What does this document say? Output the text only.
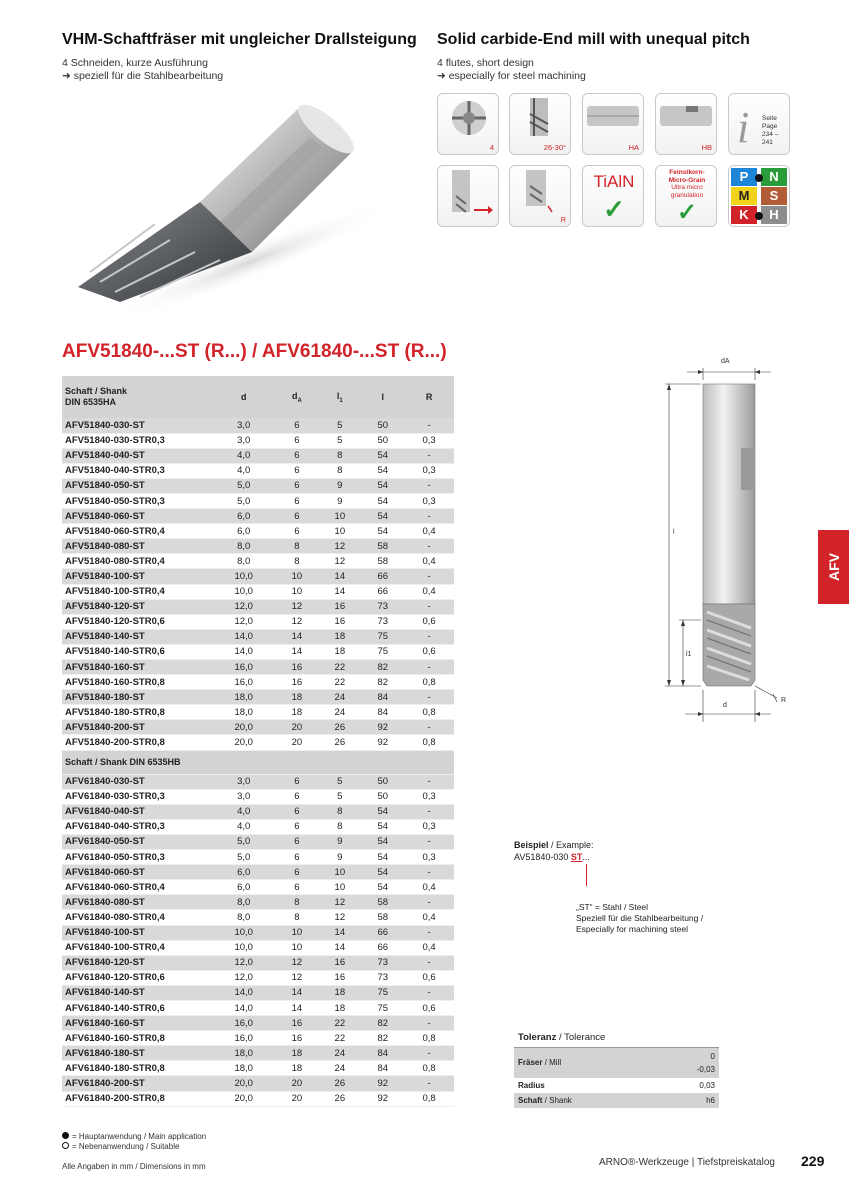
VHM-Schaftfräser mit ungleicher Drallsteigung
4 Schneiden, kurze Ausführung
➜ speziell für die Stahlbearbeitung
Solid carbide-End mill with unequal pitch
4 flutes, short design
➜ especially for steel machining
4	26-30°	HA	HB i Seite Page
234 – 241
R
TiAlN
✓
Feinstkorn-
Micro-Grain
Ultra micro
granulation
✓
P	N
M	S
K	H
AFV51840-...ST (R...) / AFV61840-...ST (R...)
Schaft / Shank
DIN 6535HA	d	$d_A$	$l_1$	l	R
AFV51840-030-ST	3,0	6	5	50	-
AFV51840-030-STR0,3	3,0	6	5	50	0,3
AFV51840-040-ST	4,0	6	8	54	-
AFV51840-040-STR0,3	4,0	6	8	54	0,3
AFV51840-050-ST	5,0	6	9	54	-
AFV51840-050-STR0,3	5,0	6	9	54	0,3
AFV51840-060-ST	6,0	6	10	54	-
AFV51840-060-STR0,4	6,0	6	10	54	0,4
AFV51840-080-ST	8,0	8	12	58	-
AFV51840-080-STR0,4	8,0	8	12	58	0,4
AFV51840-100-ST	10,0	10	14	66	-
AFV51840-100-STR0,4	10,0	10	14	66	0,4
AFV51840-120-ST	12,0	12	16	73	-
AFV51840-120-STR0,6	12,0	12	16	73	0,6
AFV51840-140-ST	14,0	14	18	75	-
AFV51840-140-STR0,6	14,0	14	18	75	0,6
AFV51840-160-ST	16,0	16	22	82	-
AFV51840-160-STR0,8	16,0	16	22	82	0,8
AFV51840-180-ST	18,0	18	24	84	-
AFV51840-180-STR0,8	18,0	18	24	84	0,8
AFV51840-200-ST	20,0	20	26	92	-
AFV51840-200-STR0,8	20,0	20	26	92	0,8
Schaft / Shank DIN 6535HB					
AFV61840-030-ST	3,0	6	5	50	-
AFV61840-030-STR0,3	3,0	6	5	50	0,3
AFV61840-040-ST	4,0	6	8	54	-
AFV61840-040-STR0,3	4,0	6	8	54	0,3
AFV61840-050-ST	5,0	6	9	54	-
AFV61840-050-STR0,3	5,0	6	9	54	0,3
AFV61840-060-ST	6,0	6	10	54	-
AFV61840-060-STR0,4	6,0	6	10	54	0,4
AFV61840-080-ST	8,0	8	12	58	-
AFV61840-080-STR0,4	8,0	8	12	58	0,4
AFV61840-100-ST	10,0	10	14	66	-
AFV61840-100-STR0,4	10,0	10	14	66	0,4
AFV61840-120-ST	12,0	12	16	73	-
AFV61840-120-STR0,6	12,0	12	16	73	0,6
AFV61840-140-ST	14,0	14	18	75	-
AFV61840-140-STR0,6	14,0	14	18	75	0,6
AFV61840-160-ST	16,0	16	22	82	-
AFV61840-160-STR0,8	16,0	16	22	82	0,8
AFV61840-180-ST	18,0	18	24	84	-
AFV61840-180-STR0,8	18,0	18	24	84	0,8
AFV61840-200-ST	20,0	20	26	92	-
AFV61840-200-STR0,8	20,0	20	26	92	0,8
dA
l
l1
d
R
AFV
Beispiel / Example:
AV51840-030 ST...
„ST“ = Stahl / Steel
Speziell für die Stahlbearbeitung /
Especially for machining steel
Toleranz / Tolerance	
Fräser / Mill	0
-0,03

Radius	0,03
Schaft / Shank	h6
= Hauptanwendung / Main application
= Nebenanwendung / Suitable
Alle Angaben in mm / Dimensions in mm	ARNO®-Werkzeuge | Tiefstpreiskatalog 229
